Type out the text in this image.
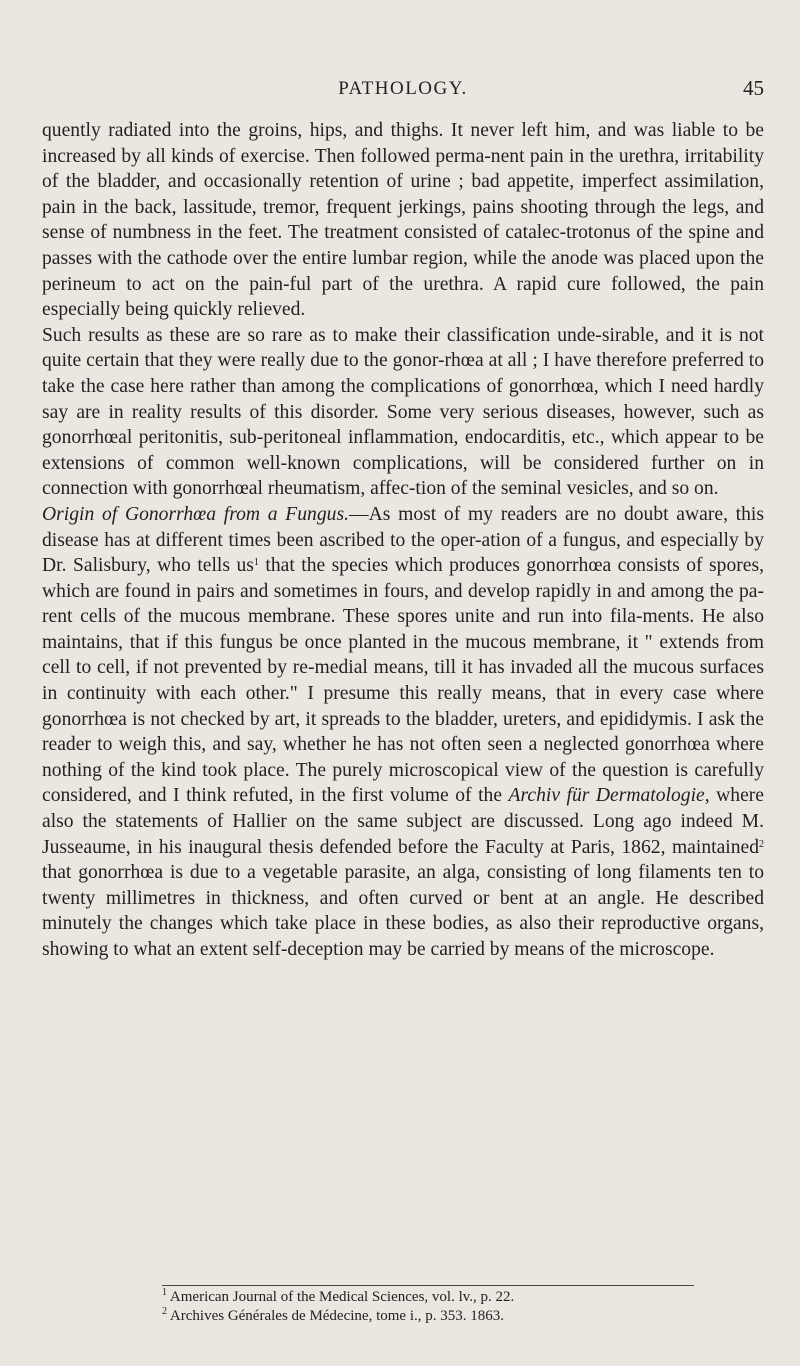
PATHOLOGY.	45

quently radiated into the groins, hips, and thighs. It never left him, and was liable to be increased by all kinds of exercise. Then followed perma-nent pain in the urethra, irritability of the bladder, and occasionally retention of urine ; bad appetite, imperfect assimilation, pain in the back, lassitude, tremor, frequent jerkings, pains shooting through the legs, and sense of numbness in the feet. The treatment consisted of catalec-trotonus of the spine and passes with the cathode over the entire lumbar region, while the anode was placed upon the perineum to act on the pain-ful part of the urethra. A rapid cure followed, the pain especially being quickly relieved.

Such results as these are so rare as to make their classification unde-sirable, and it is not quite certain that they were really due to the gonor-rhœa at all ; I have therefore preferred to take the case here rather than among the complications of gonorrhœa, which I need hardly say are in reality results of this disorder. Some very serious diseases, however, such as gonorrhœal peritonitis, sub-peritoneal inflammation, endocarditis, etc., which appear to be extensions of common well-known complications, will be considered further on in connection with gonorrhœal rheumatism, affec-tion of the seminal vesicles, and so on.

Origin of Gonorrhœa from a Fungus.—As most of my readers are no doubt aware, this disease has at different times been ascribed to the oper-ation of a fungus, and especially by Dr. Salisbury, who tells $us^1$ that the species which produces gonorrhœa consists of spores, which are found in pairs and sometimes in fours, and develop rapidly in and among the pa-rent cells of the mucous membrane. These spores unite and run into fila-ments. He also maintains, that if this fungus be once planted in the mucous membrane, it " extends from cell to cell, if not prevented by re-medial means, till it has invaded all the mucous surfaces in continuity with each other." I presume this really means, that in every case where gonorrhœa is not checked by art, it spreads to the bladder, ureters, and epididymis. I ask the reader to weigh this, and say, whether he has not often seen a neglected gonorrhœa where nothing of the kind took place. The purely microscopical view of the question is carefully considered, and I think refuted, in the first volume of the Archiv für Dermatologie, where also the statements of Hallier on the same subject are discussed. Long ago indeed M. Jusseaume, in his inaugural thesis defended before the Faculty at Paris, 1862, maintained$^2$ that gonorrhœa is due to a vegetable parasite, an alga, consisting of long filaments ten to twenty millimetres in thickness, and often curved or bent at an angle. He described minutely the changes which take place in these bodies, as also their reproductive organs, showing to what an extent self-deception may be carried by means of the microscope.

$^1$ American Journal of the Medical Sciences, vol. lv., p. 22.

$^2$ Archives Générales de Médecine, tome i., p. 353. 1863.
